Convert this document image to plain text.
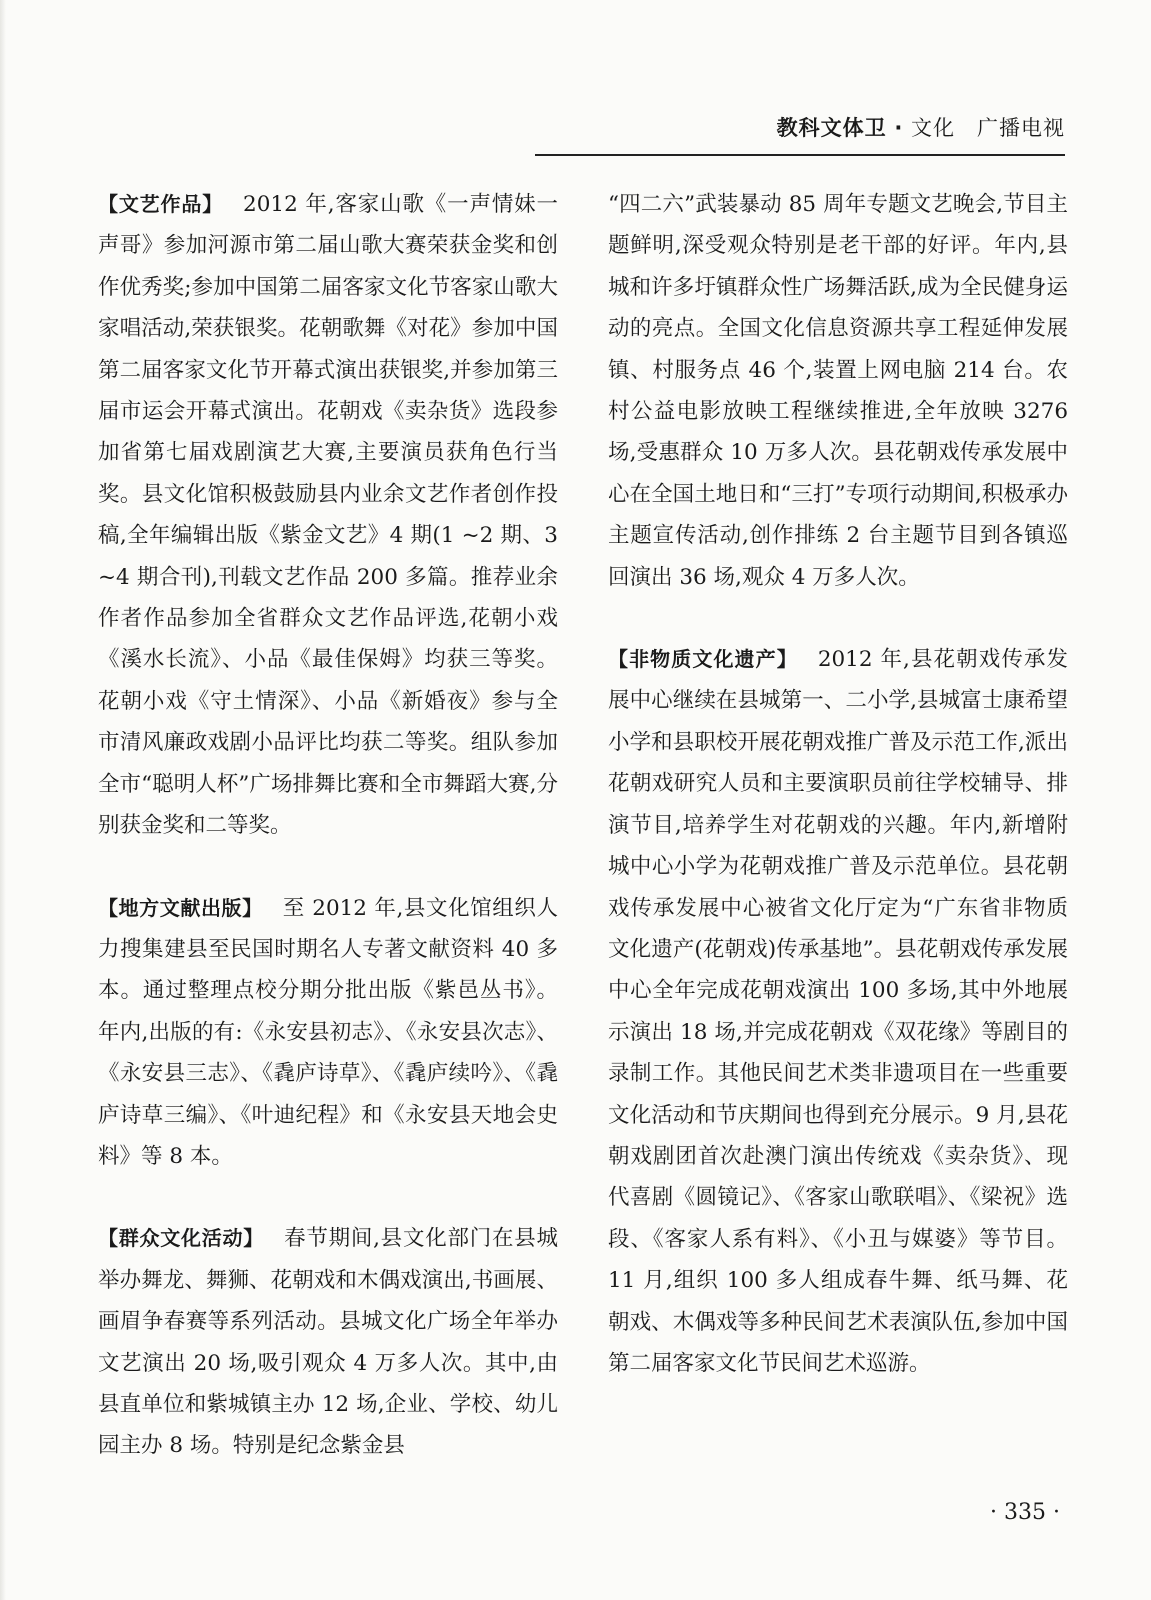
教科文体卫 · 文化　广播电视

【文艺作品】 2012 年,客家山歌《一声情妹一声哥》参加河源市第二届山歌大赛荣获金奖和创作优秀奖;参加中国第二届客家文化节客家山歌大家唱活动,荣获银奖。花朝歌舞《对花》参加中国第二届客家文化节开幕式演出获银奖,并参加第三届市运会开幕式演出。花朝戏《卖杂货》选段参加省第七届戏剧演艺大赛,主要演员获角色行当奖。县文化馆积极鼓励县内业余文艺作者创作投稿,全年编辑出版《紫金文艺》4 期(1 ~2 期、3 ~4 期合刊),刊载文艺作品 200 多篇。推荐业余作者作品参加全省群众文艺作品评选,花朝小戏《溪水长流》、小品《最佳保姆》均获三等奖。花朝小戏《守土情深》、小品《新婚夜》参与全市清风廉政戏剧小品评比均获二等奖。组队参加全市“聪明人杯”广场排舞比赛和全市舞蹈大赛,分别获金奖和二等奖。

【地方文献出版】 至 2012 年,县文化馆组织人力搜集建县至民国时期名人专著文献资料 40 多本。通过整理点校分期分批出版《紫邑丛书》。年内,出版的有:《永安县初志》、《永安县次志》、《永安县三志》、《毳庐诗草》、《毳庐续吟》、《毳庐诗草三编》、《叶迪纪程》和《永安县天地会史料》等 8 本。

【群众文化活动】 春节期间,县文化部门在县城举办舞龙、舞狮、花朝戏和木偶戏演出,书画展、画眉争春赛等系列活动。县城文化广场全年举办文艺演出 20 场,吸引观众 4 万多人次。其中,由县直单位和紫城镇主办 12 场,企业、学校、幼儿园主办 8 场。特别是纪念紫金县

“四二六”武装暴动 85 周年专题文艺晚会,节目主题鲜明,深受观众特别是老干部的好评。年内,县城和许多圩镇群众性广场舞活跃,成为全民健身运动的亮点。全国文化信息资源共享工程延伸发展镇、村服务点 46 个,装置上网电脑 214 台。农村公益电影放映工程继续推进,全年放映 3276 场,受惠群众 10 万多人次。县花朝戏传承发展中心在全国土地日和“三打”专项行动期间,积极承办主题宣传活动,创作排练 2 台主题节目到各镇巡回演出 36 场,观众 4 万多人次。

【非物质文化遗产】 2012 年,县花朝戏传承发展中心继续在县城第一、二小学,县城富士康希望小学和县职校开展花朝戏推广普及示范工作,派出花朝戏研究人员和主要演职员前往学校辅导、排演节目,培养学生对花朝戏的兴趣。年内,新增附城中心小学为花朝戏推广普及示范单位。县花朝戏传承发展中心被省文化厅定为“广东省非物质文化遗产(花朝戏)传承基地”。县花朝戏传承发展中心全年完成花朝戏演出 100 多场,其中外地展示演出 18 场,并完成花朝戏《双花缘》等剧目的录制工作。其他民间艺术类非遗项目在一些重要文化活动和节庆期间也得到充分展示。9 月,县花朝戏剧团首次赴澳门演出传统戏《卖杂货》、现代喜剧《圆镜记》、《客家山歌联唱》、《梁祝》选段、《客家人系有料》、《小丑与媒婆》等节目。11 月,组织 100 多人组成春牛舞、纸马舞、花朝戏、木偶戏等多种民间艺术表演队伍,参加中国第二届客家文化节民间艺术巡游。

· 335 ·
